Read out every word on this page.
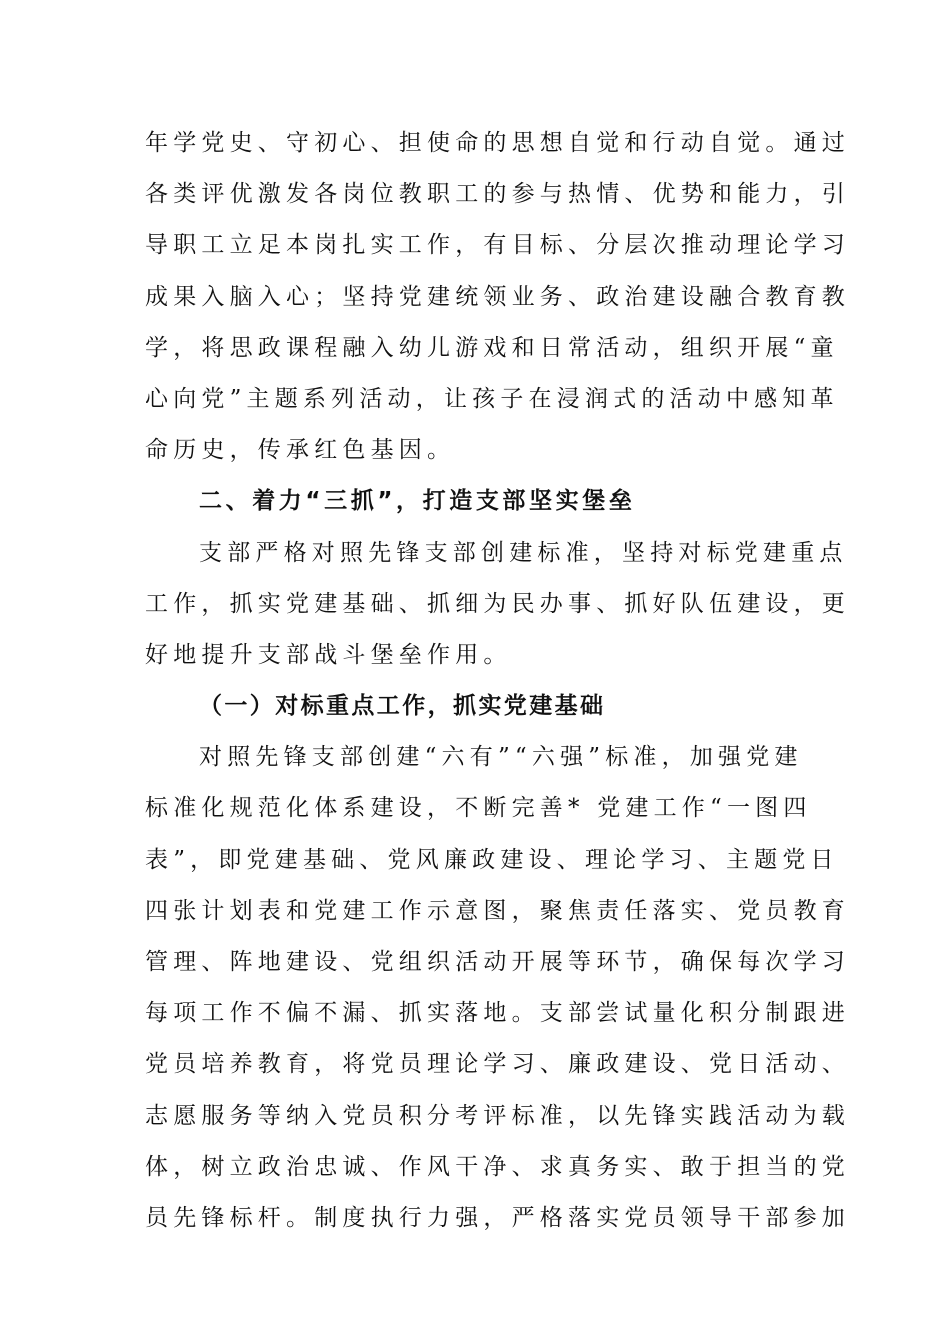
年学党史、守初心、担使命的思想自觉和行动自觉。通过
各类评优激发各岗位教职工的参与热情、优势和能力，引
导职工立足本岗扎实工作，有目标、分层次推动理论学习
成果入脑入心；坚持党建统领业务、政治建设融合教育教
学，将思政课程融入幼儿游戏和日常活动，组织开展“童
心向党”主题系列活动，让孩子在浸润式的活动中感知革
命历史，传承红色基因。
二、着力“三抓”，打造支部坚实堡垒
支部严格对照先锋支部创建标准，坚持对标党建重点
工作，抓实党建基础、抓细为民办事、抓好队伍建设，更
好地提升支部战斗堡垒作用。
（一）对标重点工作，抓实党建基础
对照先锋支部创建“六有”“六强”标准，加强党建
标准化规范化体系建设，不断完善* 党建工作“一图四
表”，即党建基础、党风廉政建设、理论学习、主题党日
四张计划表和党建工作示意图，聚焦责任落实、党员教育
管理、阵地建设、党组织活动开展等环节，确保每次学习
每项工作不偏不漏、抓实落地。支部尝试量化积分制跟进
党员培养教育，将党员理论学习、廉政建设、党日活动、
志愿服务等纳入党员积分考评标准，以先锋实践活动为载
体，树立政治忠诚、作风干净、求真务实、敢于担当的党
员先锋标杆。制度执行力强，严格落实党员领导干部参加
